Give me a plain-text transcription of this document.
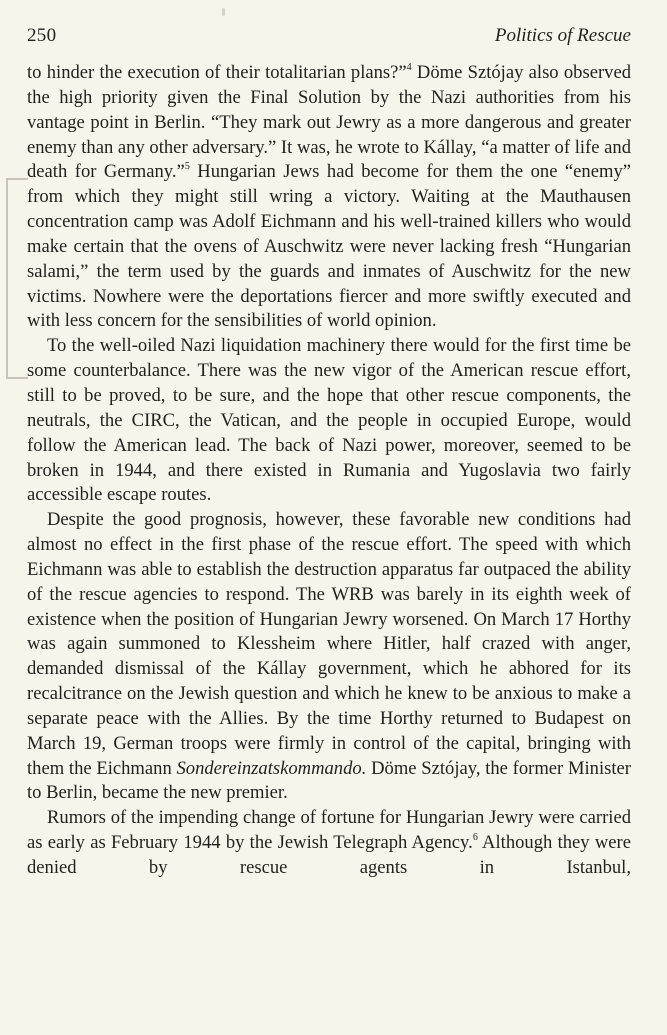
250	Politics of Rescue

to hinder the execution of their totalitarian plans?”$^4$ Döme Sztójay also observed the high priority given the Final Solution by the Nazi authorities from his vantage point in Berlin. “They mark out Jewry as a more dangerous and greater enemy than any other adversary.” It was, he wrote to Kállay, “a matter of life and death for Germany.”$^5$ Hungarian Jews had become for them the one “enemy” from which they might still wring a victory. Waiting at the Mauthausen concentration camp was Adolf Eichmann and his well-trained killers who would make certain that the ovens of Auschwitz were never lacking fresh “Hungarian salami,” the term used by the guards and inmates of Auschwitz for the new victims. Nowhere were the deportations fiercer and more swiftly executed and with less concern for the sensibilities of world opinion.

To the well-oiled Nazi liquidation machinery there would for the first time be some counterbalance. There was the new vigor of the American rescue effort, still to be proved, to be sure, and the hope that other rescue components, the neutrals, the CIRC, the Vatican, and the people in occupied Europe, would follow the American lead. The back of Nazi power, moreover, seemed to be broken in 1944, and there existed in Rumania and Yugoslavia two fairly accessible escape routes.

Despite the good prognosis, however, these favorable new conditions had almost no effect in the first phase of the rescue effort. The speed with which Eichmann was able to establish the destruction apparatus far outpaced the ability of the rescue agencies to respond. The WRB was barely in its eighth week of existence when the position of Hungarian Jewry worsened. On March 17 Horthy was again summoned to Klessheim where Hitler, half crazed with anger, demanded dismissal of the Kállay government, which he abhored for its recalcitrance on the Jewish question and which he knew to be anxious to make a separate peace with the Allies. By the time Horthy returned to Budapest on March 19, German troops were firmly in control of the capital, bringing with them the Eichmann Sondereinzatskommando. Döme Sztójay, the former Minister to Berlin, became the new premier.

Rumors of the impending change of fortune for Hungarian Jewry were carried as early as February 1944 by the Jewish Telegraph Agency.$^6$ Although they were denied by rescue agents in Istanbul,
